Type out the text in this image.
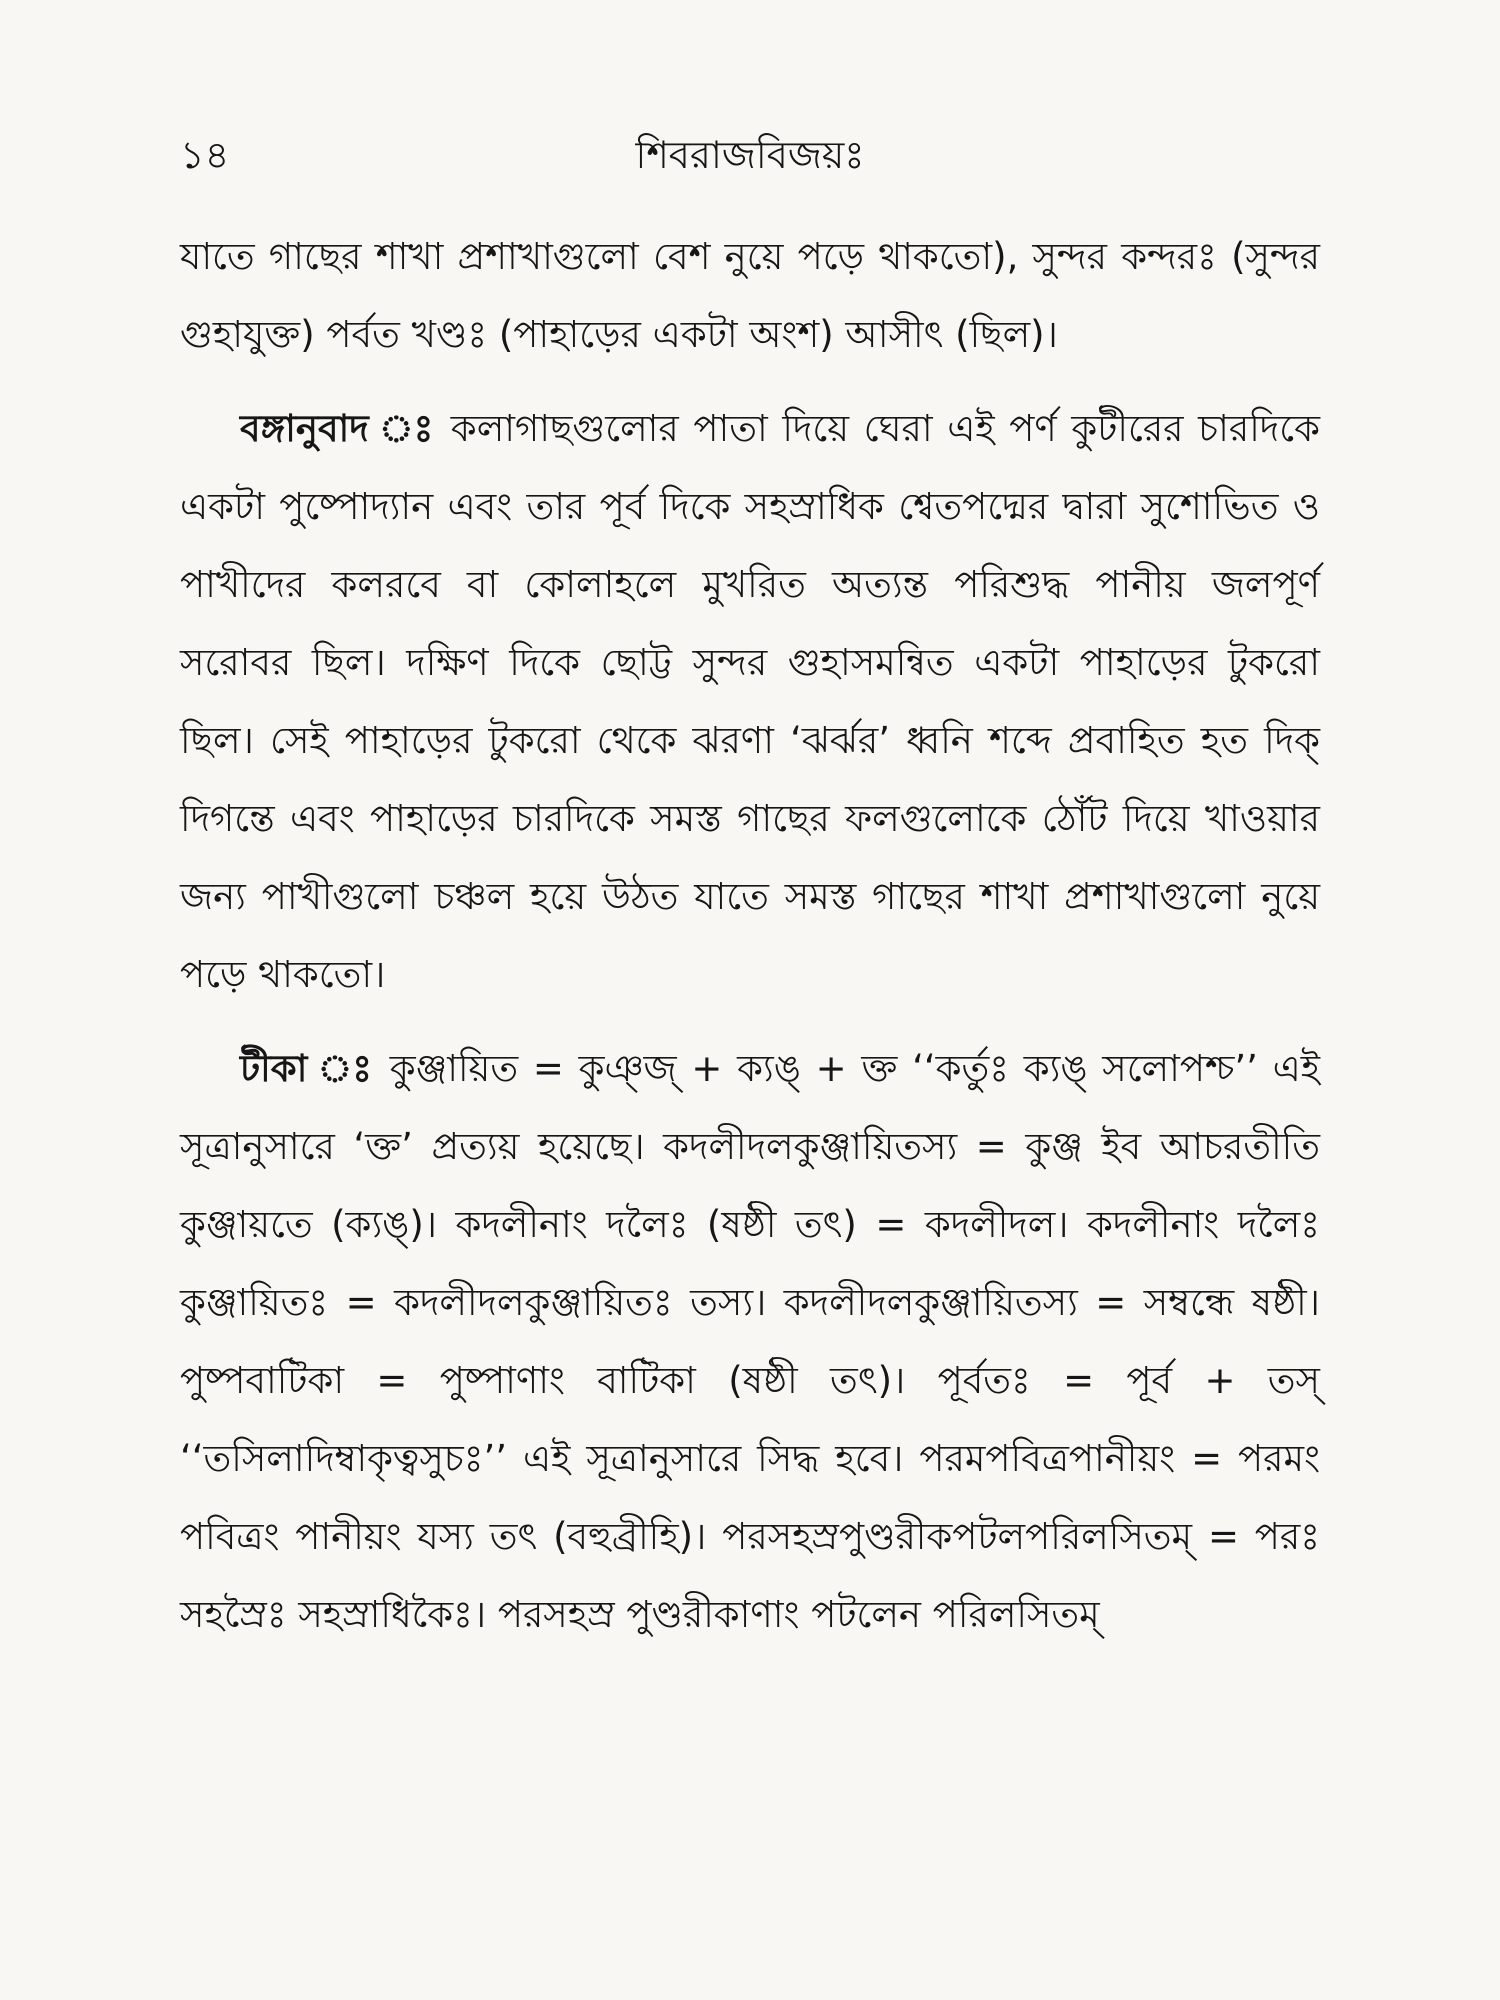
১৪	শিবরাজবিজয়ঃ

যাতে গাছের শাখা প্রশাখাগুলো বেশ নুয়ে পড়ে থাকতো), সুন্দর কন্দরঃ (সুন্দর গুহাযুক্ত) পর্বত খণ্ডঃ (পাহাড়ের একটা অংশ) আসীৎ (ছিল)।

বঙ্গানুবাদ ঃ কলাগাছগুলোর পাতা দিয়ে ঘেরা এই পর্ণ কুটীরের চারদিকে একটা পুষ্পোদ্যান এবং তার পূর্ব দিকে সহস্রাধিক শ্বেতপদ্মের দ্বারা সুশোভিত ও পাখীদের কলরবে বা কোলাহলে মুখরিত অত্যন্ত পরিশুদ্ধ পানীয় জলপূর্ণ সরোবর ছিল। দক্ষিণ দিকে ছোট্ট সুন্দর গুহাসমন্বিত একটা পাহাড়ের টুকরো ছিল। সেই পাহাড়ের টুকরো থেকে ঝরণা ‘ঝর্ঝর’ ধ্বনি শব্দে প্রবাহিত হত দিক্ দিগন্তে এবং পাহাড়ের চারদিকে সমস্ত গাছের ফলগুলোকে ঠোঁট দিয়ে খাওয়ার জন্য পাখীগুলো চঞ্চল হয়ে উঠত যাতে সমস্ত গাছের শাখা প্রশাখাগুলো নুয়ে পড়ে থাকতো।

টীকা ঃ কুঞ্জায়িত = কুঞ্জ্ + ক্যঙ্ + ক্ত ‘‘কর্তুঃ ক্যঙ্ সলোপশ্চ’’ এই সূত্রানুসারে ‘ক্ত’ প্রত্যয় হয়েছে। কদলীদলকুঞ্জায়িতস্য = কুঞ্জ ইব আচরতীতি কুঞ্জায়তে (ক্যঙ্)। কদলীনাং দলৈঃ (ষষ্ঠী তৎ) = কদলীদল। কদলীনাং দলৈঃ কুঞ্জায়িতঃ = কদলীদলকুঞ্জায়িতঃ তস্য। কদলীদলকুঞ্জায়িতস্য = সম্বন্ধে ষষ্ঠী। পুষ্পবাটিকা = পুষ্পাণাং বাটিকা (ষষ্ঠী তৎ)। পূর্বতঃ = পূর্ব + তস্ ‘‘তসিলাদিম্বাকৃত্বসুচঃ’’ এই সূত্রানুসারে সিদ্ধ হবে। পরমপবিত্রপানীয়ং = পরমং পবিত্রং পানীয়ং যস্য তৎ (বহুব্রীহি)। পরসহস্রপুণ্ডরীকপটলপরিলসিতম্ = পরঃ সহস্রৈঃ সহস্রাধিকৈঃ। পরসহস্র পুণ্ডরীকাণাং পটলেন পরিলসিতম্
